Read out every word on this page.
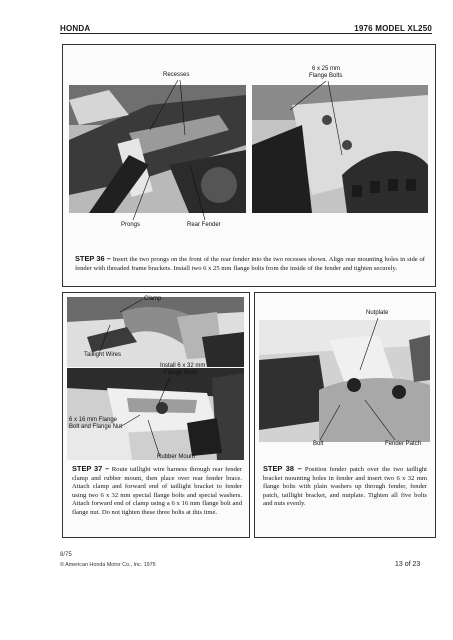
HONDA	1976 MODEL XL250
Recesses
6 x 25 mm
Flange Bolts
Prongs	Rear Fender
STEP 36 – Insert the two prongs on the front of the rear fender into the two recesses shown. Align rear mounting holes in side of fender with threaded frame brackets. Install two 6 x 25 mm flange bolts from the inside of the fender and tighten securely.
Clamp
Taillight Wires
Install 6 x 32 mm
Flange Bolts
6 x 16 mm Flange
Bolt and Flange Nut
Rubber Mount
STEP 37 – Route taillight wire harness through rear fender clamp and rubber mount, then place over rear fender brace. Attach clamp and forward end of taillight bracket to fender using two 6 x 32 mm special flange bolts and special washers. Attach forward end of clamp using a 6 x 16 mm flange bolt and flange nut. Do not tighten these three bolts at this time.
Nutplate
Bolt	Fender Patch
STEP 38 – Position fender patch over the two taillight bracket mounting holes in fender and insert two 6 x 32 mm flange bolts with plain washers up through fender, fender patch, taillight bracket, and nutplate. Tighten all five bolts and nuts evenly.
8/75
© American Honda Motor Co., Inc. 1975	13 of 23
